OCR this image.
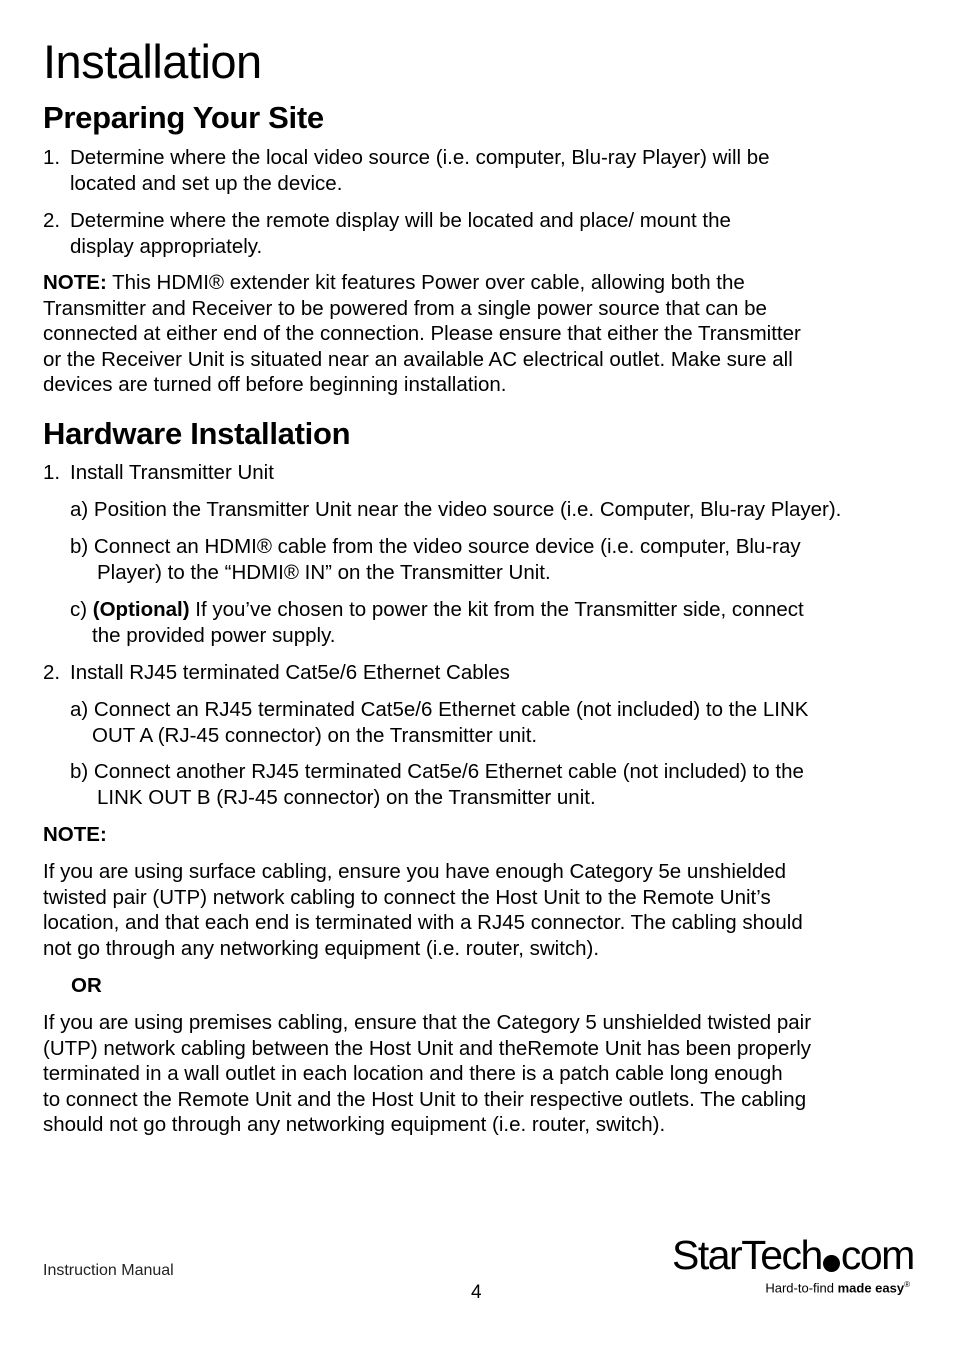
Installation
Preparing Your Site

1. Determine where the local video source (i.e. computer, Blu-ray Player) will be
located and set up the device.

2. Determine where the remote display will be located and place/ mount the
display appropriately.

NOTE: This HDMI® extender kit features Power over cable, allowing both the
Transmitter and Receiver to be powered from a single power source that can be
connected at either end of the connection. Please ensure that either the Transmitter
or the Receiver Unit is situated near an available AC electrical outlet. Make sure all
devices are turned off before beginning installation.

Hardware Installation

1. Install Transmitter Unit

a) Position the Transmitter Unit near the video source (i.e. Computer, Blu-ray Player).

b) Connect an HDMI® cable from the video source device (i.e. computer, Blu-ray
Player) to the “HDMI® IN” on the Transmitter Unit.

c) (Optional) If you’ve chosen to power the kit from the Transmitter side, connect
the provided power supply.

2. Install RJ45 terminated Cat5e/6 Ethernet Cables

a) Connect an RJ45 terminated Cat5e/6 Ethernet cable (not included) to the LINK
OUT A (RJ-45 connector) on the Transmitter unit.

b) Connect another RJ45 terminated Cat5e/6 Ethernet cable (not included) to the
LINK OUT B (RJ-45 connector) on the Transmitter unit.

NOTE:

If you are using surface cabling, ensure you have enough Category 5e unshielded
twisted pair (UTP) network cabling to connect the Host Unit to the Remote Unit’s
location, and that each end is terminated with a RJ45 connector. The cabling should
not go through any networking equipment (i.e. router, switch).

OR

If you are using premises cabling, ensure that the Category 5 unshielded twisted pair
(UTP) network cabling between the Host Unit and theRemote Unit has been properly
terminated in a wall outlet in each location and there is a patch cable long enough
to connect the Remote Unit and the Host Unit to their respective outlets. The cabling
should not go through any networking equipment (i.e. router, switch).

Instruction Manual
4
StarTech com
Hard-to-find made easy®
